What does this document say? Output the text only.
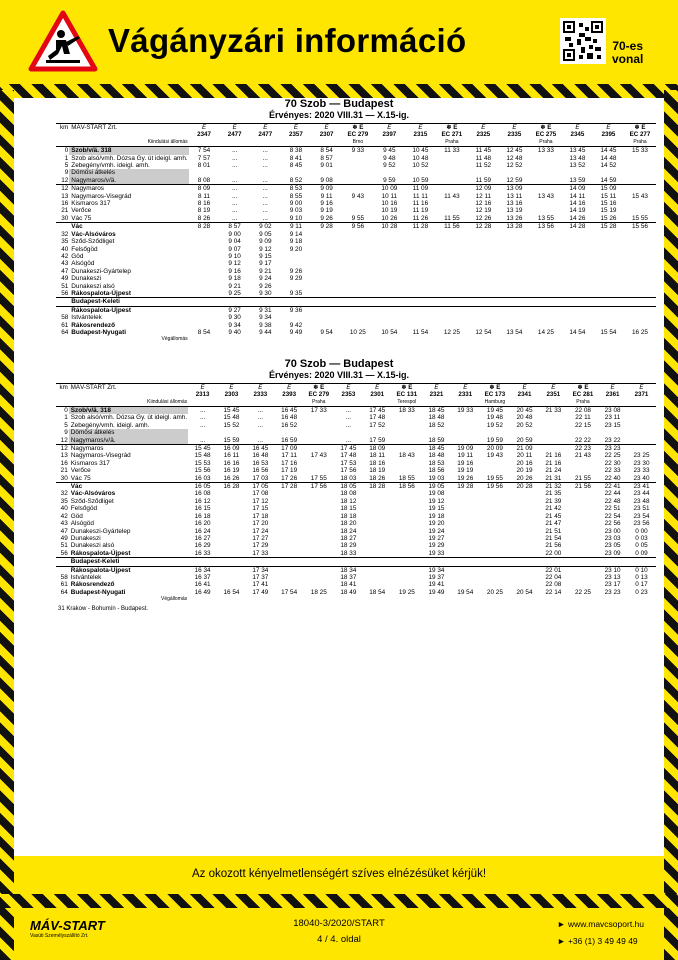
Vágányzári információ	70-es
vonal
70 Szob — Budapest
Érvényes: 2020 VIII.31 — X.15-ig.
km	MÁV-START Zrt.	E	E	E	E	E	❄ E	E	E	❄ E	E	E	❄ E	E	E	❄ E
		2347	2477	2477	2357	2307	EC 279	2397	2315	EC 271	2325	2335	EC 275	2345	2395	EC 277
	Kiindulási állomás						Brno			Praha			Praha			Praha
0	Szob/v/ä. 318	7 54	...	...	8 38	8 54	9 33	9 45	10 45	11 33	11 45	12 45	13 33	13 45	14 45	15 33
1	Szob alsó/vmh. Dózsa Gy. út ideigl. amh.	7 57	...	...	8 41	8 57		9 48	10 48		11 48	12 48		13 48	14 48	
5	Zebegény/vmh. ideigl. amh.	8 01	...	...	8 45	9 01		9 52	10 52		11 52	12 52		13 52	14 52	
9	Dömösi átkelés															
12	Nagymaros/v/ä.	8 08	...	...	8 52	9 08		9 59	10 59		11 59	12 59		13 59	14 59	
12	Nagymaros	8 09	...	...	8 53	9 09		10 09	11 09		12 09	13 09		14 09	15 09	
13	Nagymaros-Visegrád	8 11	...	...	8 55	9 11	9 43	10 11	11 11	11 43	12 11	13 11	13 43	14 11	15 11	15 43
16	Kismaros 317	8 16	...	...	9 00	9 16		10 16	11 16		12 16	13 16		14 16	15 16	
21	Verőce	8 19	...	...	9 03	9 19		10 19	11 19		12 19	13 19		14 19	15 19	
30	Vác 75	8 26	...	...	9 10	9 26	9 55	10 26	11 26	11 55	12 26	13 26	13 55	14 26	15 26	15 55
	Vác	8 28	8 57	9 02	9 11	9 28	9 56	10 28	11 28	11 56	12 28	13 28	13 56	14 28	15 28	15 56
32	Vác-Alsóváros		9 00	9 05	9 14											
35	Sződ-Sződliget		9 04	9 09	9 18											
40	Felsőgöd		9 07	9 12	9 20											
42	Göd		9 10	9 15												
43	Alsógöd		9 12	9 17												
47	Dunakeszi-Gyártelep		9 16	9 21	9 26											
49	Dunakeszi		9 18	9 24	9 29											
51	Dunakeszi alsó		9 21	9 26												
56	Rákospalota-Újpest		9 25	9 30	9 35											
	Budapest-Keleti															
	Rákospalota-Újpest		9 27	9 31	9 36											
58	Istvántelek		9 30	9 34												
61	Rákosrendező		9 34	9 38	9 42											
64	Budapest-Nyugati	8 54	9 40	9 44	9 49	9 54	10 25	10 54	11 54	12 25	12 54	13 54	14 25	14 54	15 54	16 25
	Végállomás															
70 Szob — Budapest
Érvényes: 2020 VIII.31 — X.15-ig.
km	MÁV-START Zrt.	E	E	E	E	❄ E	E	E	❄ E	E	E	❄ E	E	E	❄ E	E	E
		2313	2303	2333	2393	EC 279	2353	2301	EC 131	2321	2331	EC 173	2341	2351	EC 281	2361	2371
	Kiindulási állomás					Praha			Terespol			Hamburg			Praha		
0	Szob/v/ä. 318	...	15 45	...	16 45	17 33	...	17 45	18 33	18 45	19 33	19 45	20 45	21 33	22 08	23 08	
1	Szob alsó/vmh. Dózsa Gy. út ideigl. amh.	...	15 48	...	16 48		...	17 48		18 48		19 48	20 48		22 11	23 11	
5	Zebegény/vmh. ideigl. amh.	...	15 52	...	16 52		...	17 52		18 52		19 52	20 52		22 15	23 15	
9	Dömösi átkelés																
12	Nagymaros/v/ä.	...	15 59	...	16 59		...	17 59		18 59		19 59	20 59		22 22	23 22	
12	Nagymaros	15 45	16 09	16 45	17 09		17 45	18 09		18 45	19 09	20 09	21 09		22 23	23 23	
13	Nagymaros-Visegrád	15 48	16 11	16 48	17 11	17 43	17 48	18 11	18 43	18 48	19 11	19 43	20 11	21 16	21 43	22 25	23 25
16	Kismaros 317	15 53	16 16	16 53	17 16		17 53	18 16		18 53	19 16		20 16	21 16		22 30	23 30
21	Verőce	15 56	16 19	16 56	17 19		17 56	18 19		18 56	19 19		20 19	21 24		22 33	23 33
30	Vác 75	16 03	16 26	17 03	17 26	17 55	18 03	18 26	18 55	19 03	19 26	19 55	20 26	21 31	21 55	22 40	23 40
	Vác	16 05	16 28	17 05	17 28	17 56	18 05	18 28	18 56	19 05	19 28	19 56	20 28	21 32	21 56	22 41	23 41
32	Vác-Alsóváros	16 08		17 08			18 08			19 08				21 35		22 44	23 44
35	Sződ-Sződliget	16 12		17 12			18 12			19 12				21 39		22 48	23 48
40	Felsőgöd	16 15		17 15			18 15			19 15				21 42		22 51	23 51
42	Göd	16 18		17 18			18 18			19 18				21 45		22 54	23 54
43	Alsógöd	16 20		17 20			18 20			19 20				21 47		22 56	23 56
47	Dunakeszi-Gyártelep	16 24		17 24			18 24			19 24				21 51		23 00	0 00
49	Dunakeszi	16 27		17 27			18 27			19 27				21 54		23 03	0 03
51	Dunakeszi alsó	16 29		17 29			18 29			19 29				21 56		23 05	0 05
56	Rákospalota-Újpest	16 33		17 33			18 33			19 33				22 00		23 09	0 09
	Budapest-Keleti																
	Rákospalota-Újpest	16 34		17 34			18 34			19 34				22 01		23 10	0 10
58	Istvántelek	16 37		17 37			18 37			19 37				22 04		23 13	0 13
61	Rákosrendező	16 41		17 41			18 41			19 41				22 08		23 17	0 17
64	Budapest-Nyugati	16 49	16 54	17 49	17 54	18 25	18 49	18 54	19 25	19 49	19 54	20 25	20 54	22 14	22 25	23 23	0 23
	Végállomás																
31 Krakow - Bohumín - Budapest.
Az okozott kényelmetlenségért szíves elnézésüket kérjük!
MÁV-START
Vasúti Személyszállító Zrt.
18040-3/2020/START
4 / 4. oldal
► www.mavcsoport.hu
► +36 (1) 3 49 49 49
